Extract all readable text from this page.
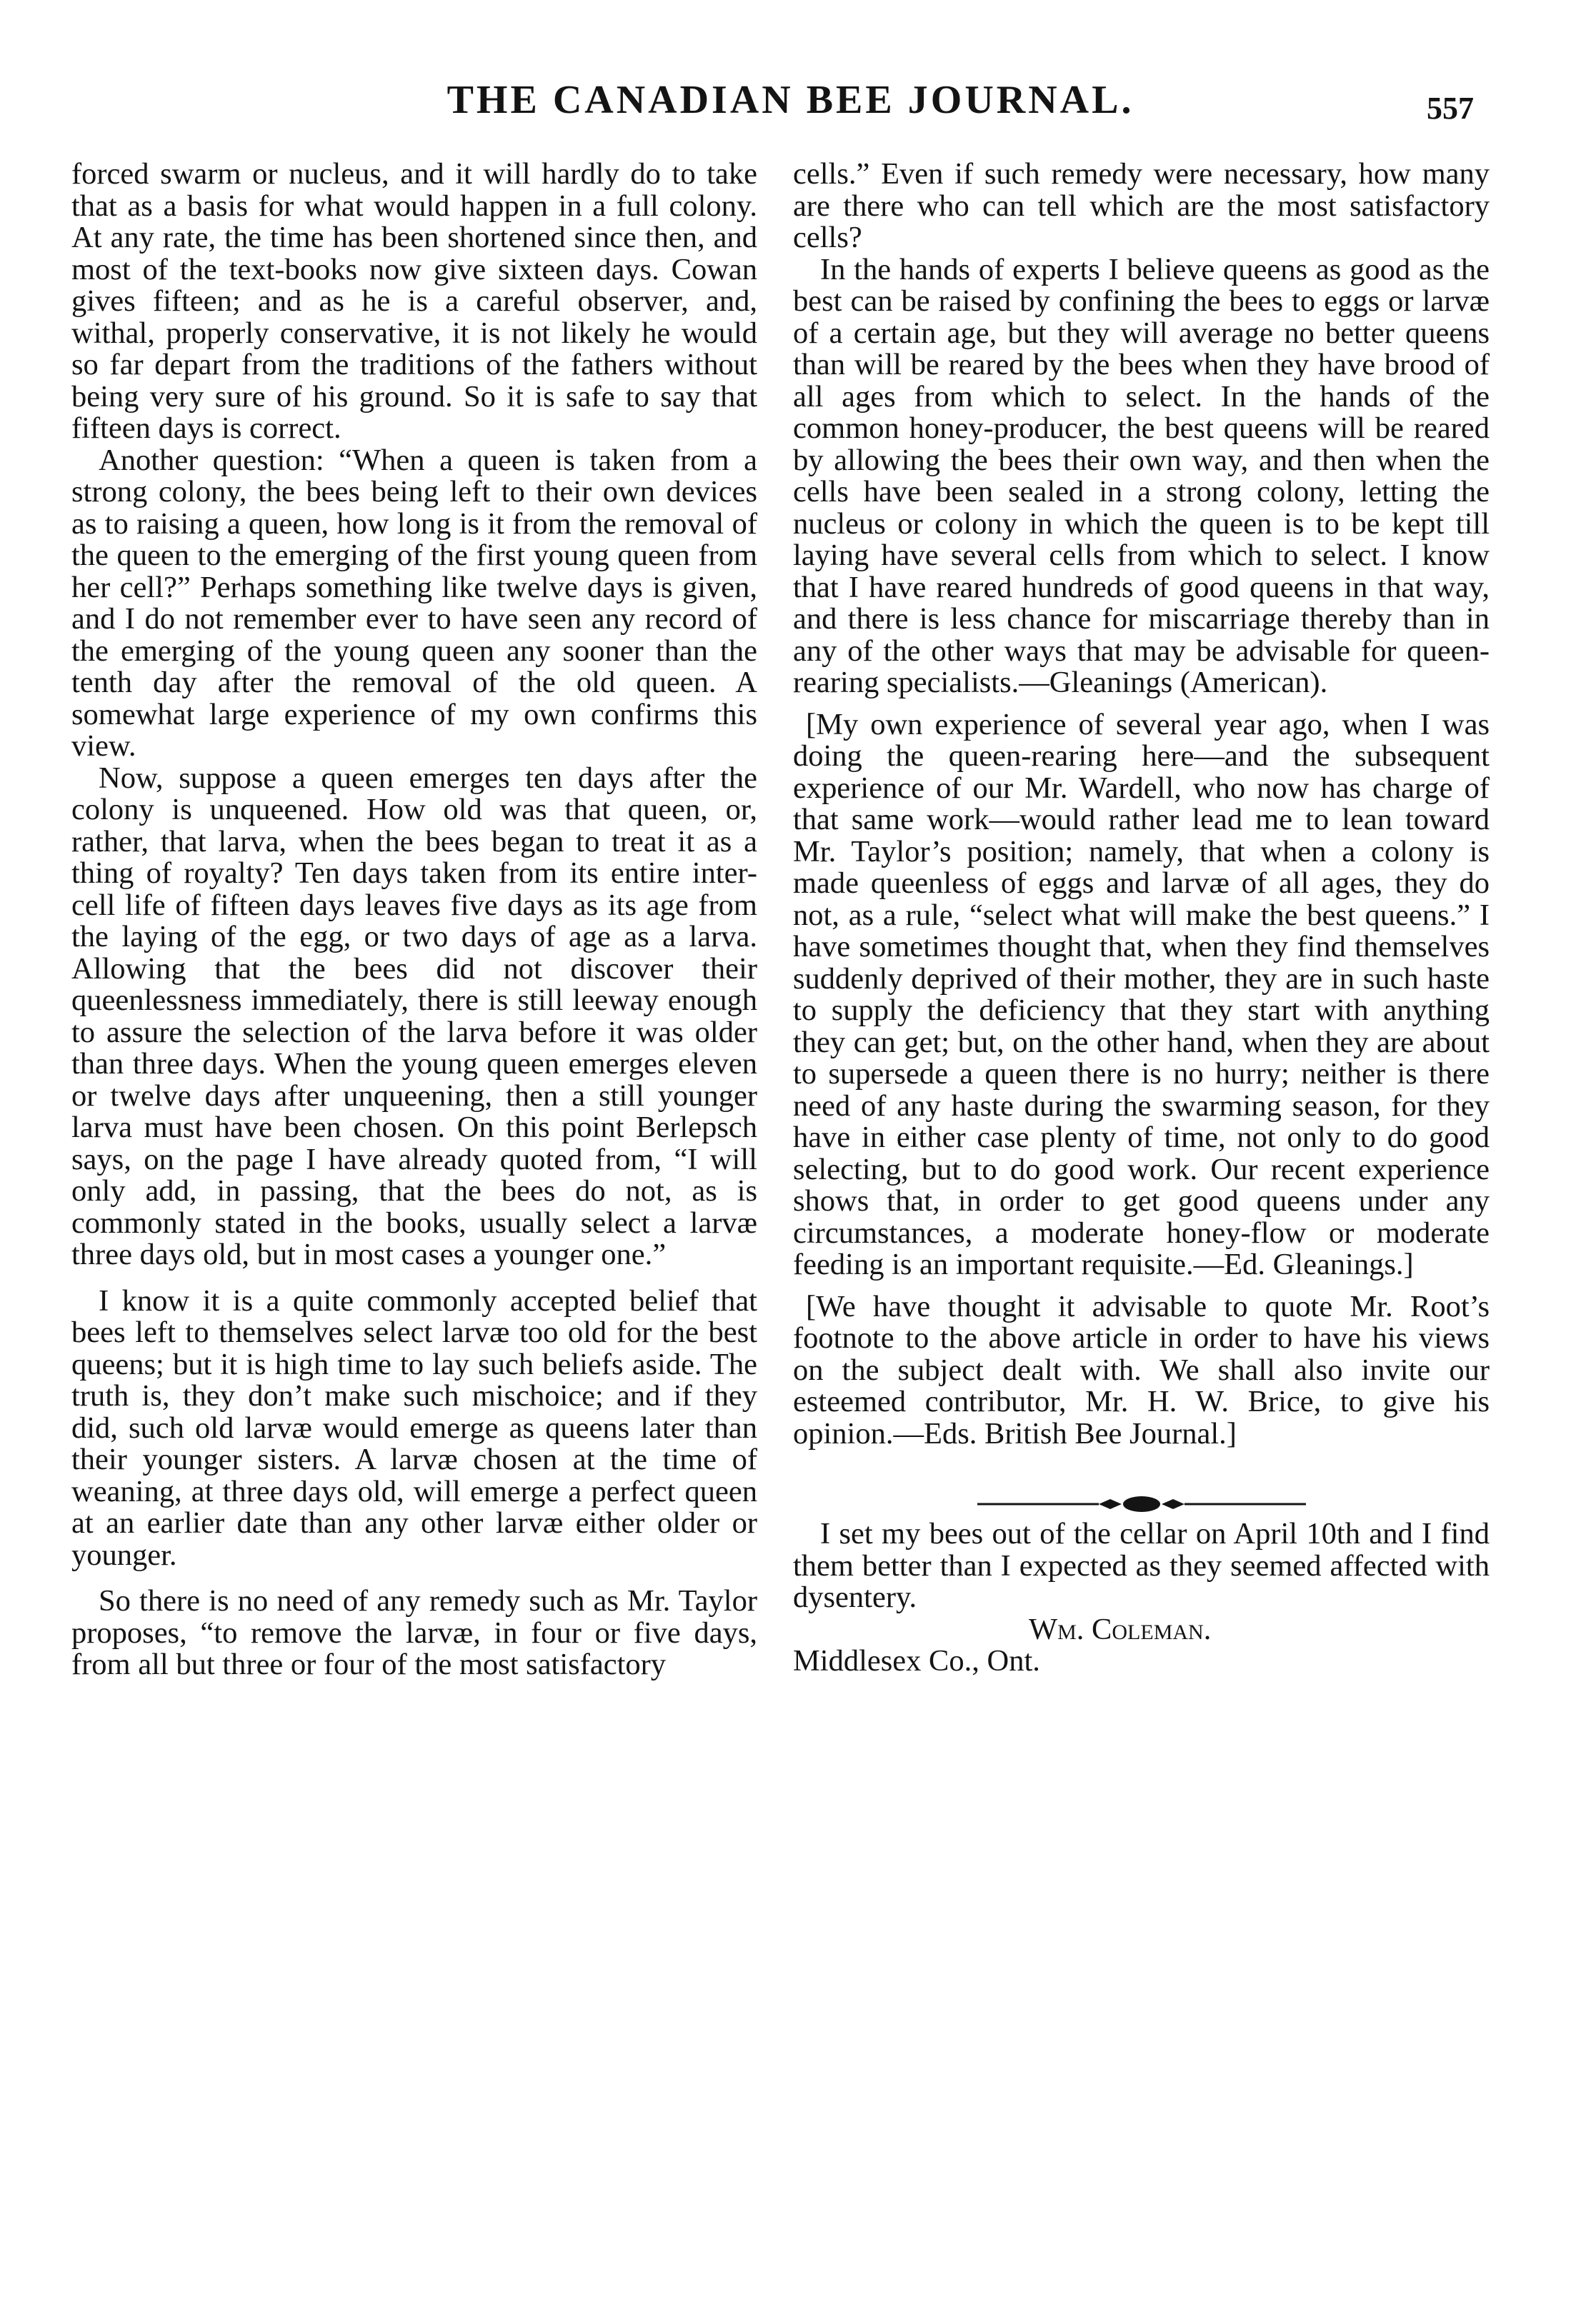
THE CANADIAN BEE JOURNAL.	557

forced swarm or nucleus, and it will hardly do to take that as a basis for what would happen in a full colony. At any rate, the time has been shortened since then, and most of the text-books now give sixteen days. Cowan gives fifteen; and as he is a careful observer, and, withal, properly conservative, it is not likely he would so far depart from the traditions of the fathers without being very sure of his ground. So it is safe to say that fifteen days is correct.

Another question: “When a queen is taken from a strong colony, the bees being left to their own devices as to raising a queen, how long is it from the removal of the queen to the emerging of the first young queen from her cell?” Perhaps something like twelve days is given, and I do not remember ever to have seen any record of the emerging of the young queen any sooner than the tenth day after the removal of the old queen. A somewhat large experience of my own confirms this view.

Now, suppose a queen emerges ten days after the colony is unqueened. How old was that queen, or, rather, that larva, when the bees began to treat it as a thing of royalty? Ten days taken from its entire inter-cell life of fifteen days leaves five days as its age from the laying of the egg, or two days of age as a larva. Allowing that the bees did not discover their queenlessness immediately, there is still leeway enough to assure the selection of the larva before it was older than three days. When the young queen emerges eleven or twelve days after unqueening, then a still younger larva must have been chosen. On this point Berlepsch says, on the page I have already quoted from, “I will only add, in passing, that the bees do not, as is commonly stated in the books, usually select a larvæ three days old, but in most cases a younger one.”

I know it is a quite commonly accepted belief that bees left to themselves select larvæ too old for the best queens; but it is high time to lay such beliefs aside. The truth is, they don’t make such mischoice; and if they did, such old larvæ would emerge as queens later than their younger sisters. A larvæ chosen at the time of weaning, at three days old, will emerge a perfect queen at an earlier date than any other larvæ either older or younger.

So there is no need of any remedy such as Mr. Taylor proposes, “to remove the larvæ, in four or five days, from all but three or four of the most satisfactory

cells.” Even if such remedy were necessary, how many are there who can tell which are the most satisfactory cells?

In the hands of experts I believe queens as good as the best can be raised by confining the bees to eggs or larvæ of a certain age, but they will average no better queens than will be reared by the bees when they have brood of all ages from which to select. In the hands of the common honey-producer, the best queens will be reared by allowing the bees their own way, and then when the cells have been sealed in a strong colony, letting the nucleus or colony in which the queen is to be kept till laying have several cells from which to select. I know that I have reared hundreds of good queens in that way, and there is less chance for miscarriage thereby than in any of the other ways that may be advisable for queen-rearing specialists.—Gleanings (American).

[My own experience of several year ago, when I was doing the queen-rearing here—and the subsequent experience of our Mr. Wardell, who now has charge of that same work—would rather lead me to lean toward Mr. Taylor’s position; namely, that when a colony is made queenless of eggs and larvæ of all ages, they do not, as a rule, “select what will make the best queens.” I have sometimes thought that, when they find themselves suddenly deprived of their mother, they are in such haste to supply the deficiency that they start with anything they can get; but, on the other hand, when they are about to supersede a queen there is no hurry; neither is there need of any haste during the swarming season, for they have in either case plenty of time, not only to do good selecting, but to do good work. Our recent experience shows that, in order to get good queens under any circumstances, a moderate honey-flow or moderate feeding is an important requisite.—Ed. Gleanings.]

[We have thought it advisable to quote Mr. Root’s footnote to the above article in order to have his views on the subject dealt with. We shall also invite our esteemed contributor, Mr. H. W. Brice, to give his opinion.—Eds. British Bee Journal.]

I set my bees out of the cellar on April 10th and I find them better than I expected as they seemed affected with dysentery.

Wm. Coleman.

Middlesex Co., Ont.
